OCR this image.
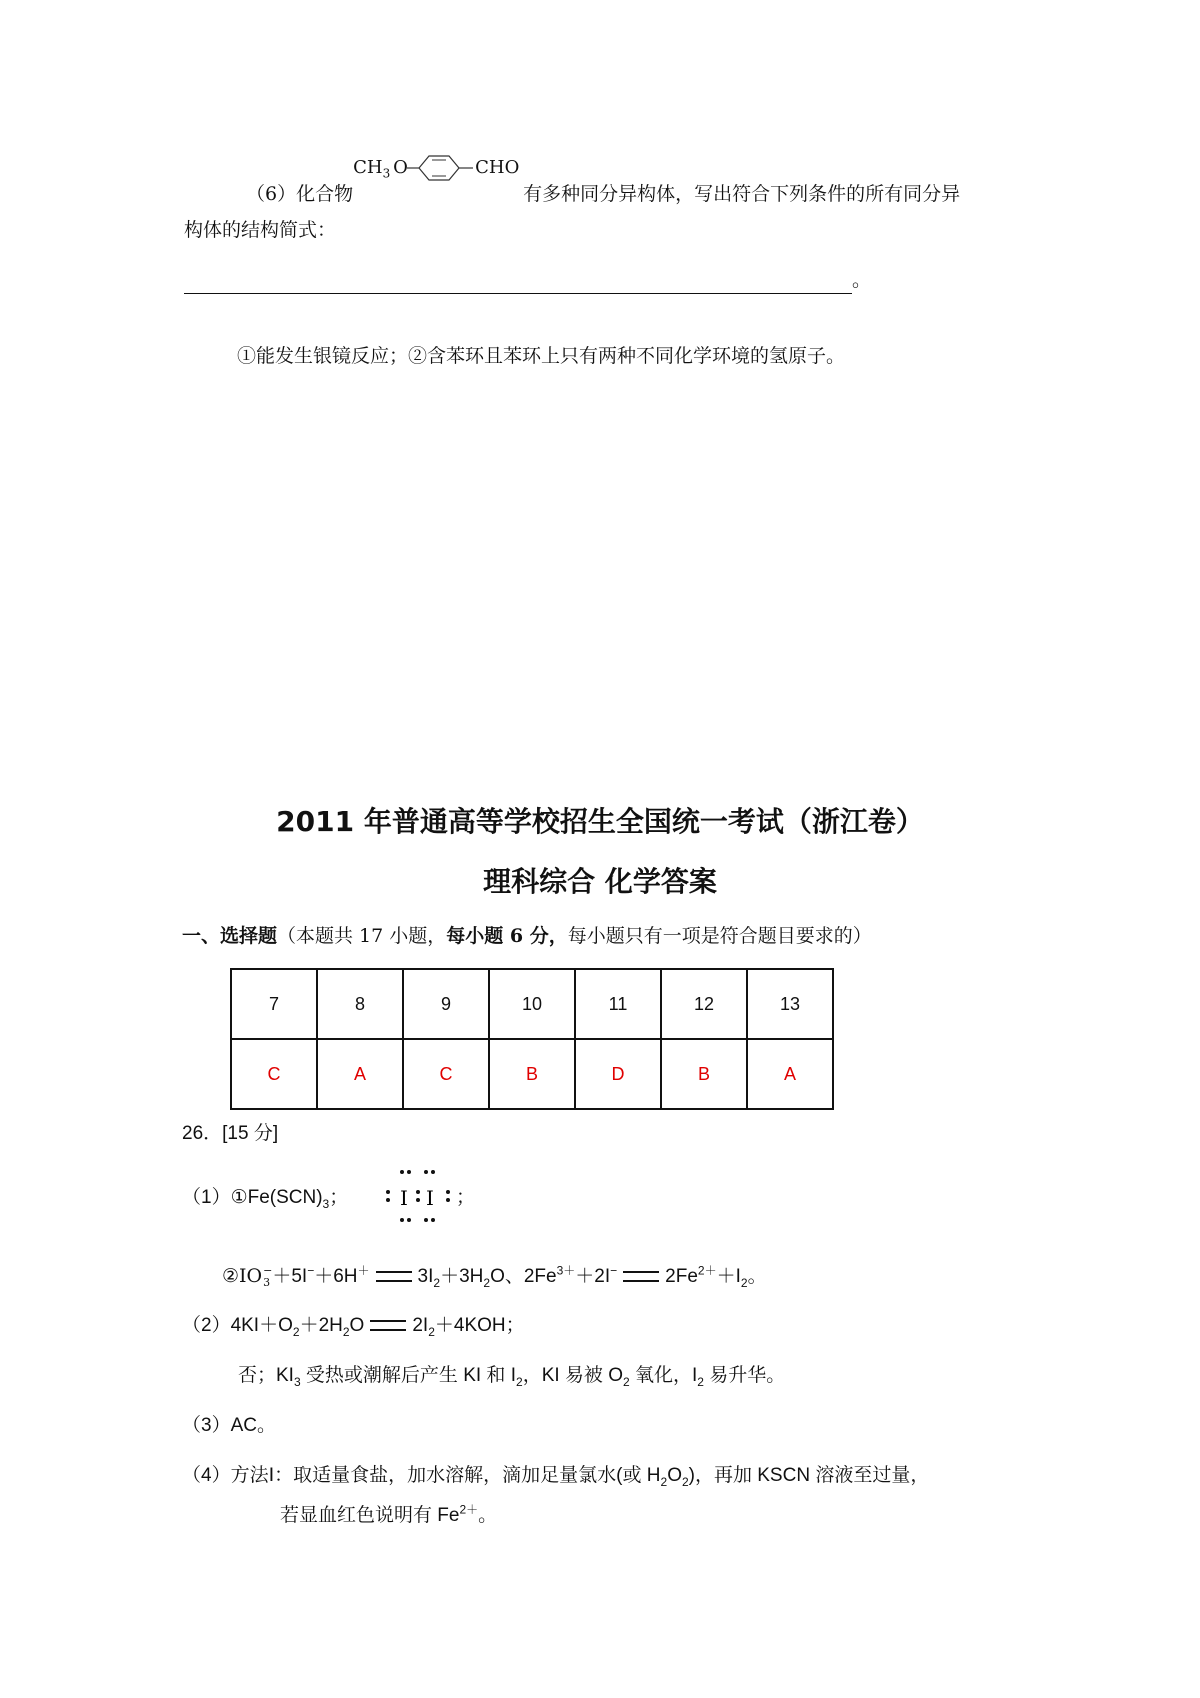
（6）化合物
$CH_3$ O	CHO
有多种同分异构体，写出符合下列条件的所有同分异
构体的结构简式：
。
①能发生银镜反应；②含苯环且苯环上只有两种不同化学环境的氢原子。
2011 年普通高等学校招生全国统一考试（浙江卷）
理科综合 化学答案
一、选择题（本题共 17 小题，每小题 6 分，每小题只有一项是符合题目要求的）
7	8	9	10	11	12	13
C	A	C	B	D	B	A
26．[15 分]
$(1)①Fe(SCN)_3$；	I I ；
②IO −
3 ＋5I−＋6H＋	$3I_2+3H_2O$、$2Fe^{3+}+2I^-$	$2Fe^{2+}+I_2$。
$(2)4KI+O_2+2H_2O$	$2I_2+4KOH$；
否；$KI_3$ 受热或潮解后产生 KI 和 $I_2$，KI 易被 $O_2$ 氧化，$I_2$ 易升华。
（3）AC。
（4）方法Ⅰ：取适量食盐，加水溶解，滴加足量氯水(或 $H_2O_2$)，再加 KSCN 溶液至过量，
若显血红色说明有 $Fe^{2+}$。
